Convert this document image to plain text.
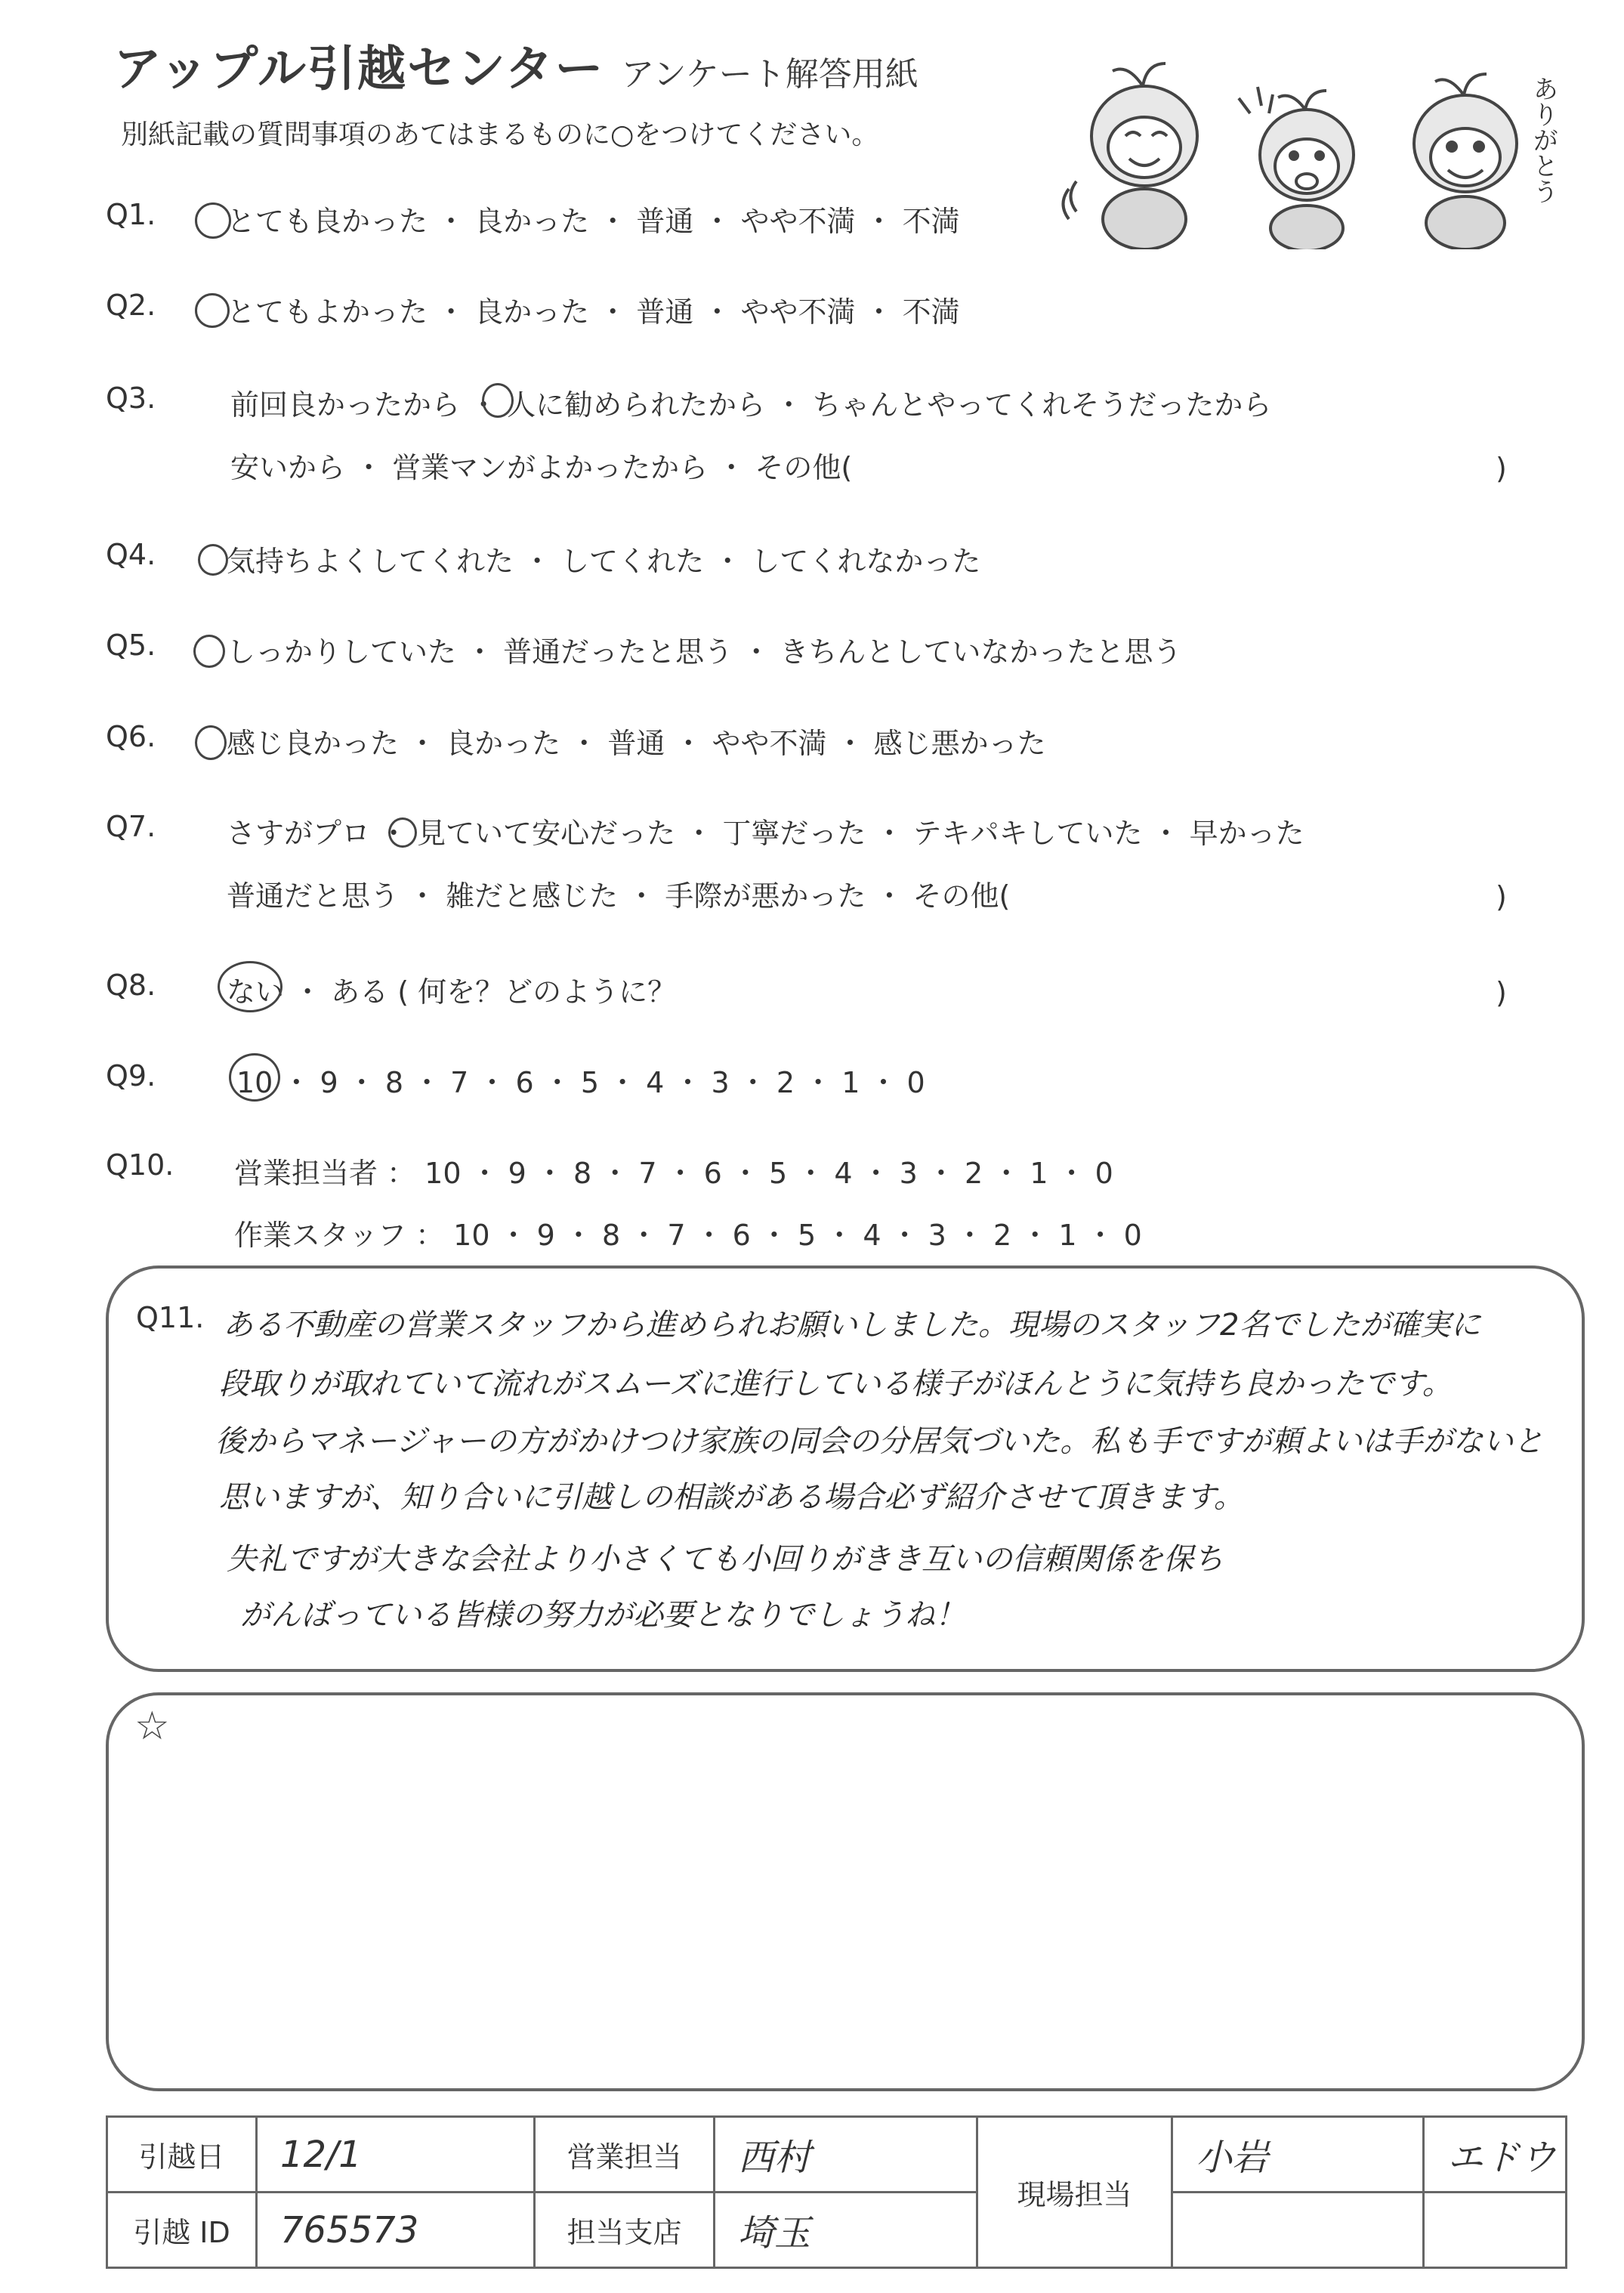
アップル引越センター アンケート解答用紙
別紙記載の質問事項のあてはまるものに○をつけてください。	ありがとう
Q1. とても良かった ・ 良かった ・ 普通 ・ やや不満 ・ 不満
Q2. とてもよかった ・ 良かった ・ 普通 ・ やや不満 ・ 不満
Q3.	前回良かったから ・ 人に勧められたから ・ ちゃんとやってくれそうだったから
安いから ・ 営業マンがよかったから ・ その他(	)
Q4. 気持ちよくしてくれた ・ してくれた ・ してくれなかった
Q5. しっかりしていた ・ 普通だったと思う ・ きちんとしていなかったと思う
Q6. 感じ良かった ・ 良かった ・ 普通 ・ やや不満 ・ 感じ悪かった
Q7. さすがプロ ・ 見ていて安心だった ・ 丁寧だった ・ テキパキしていた ・ 早かった
普通だと思う ・ 雑だと感じた ・ 手際が悪かった ・ その他(	)
Q8. ない ・ ある ( 何を？どのように？	)
Q9.	10 ・ 9 ・ 8 ・ 7 ・ 6 ・ 5 ・ 4 ・ 3 ・ 2 ・ 1 ・ 0
Q10. 営業担当者 ： 10 ・ 9 ・ 8 ・ 7 ・ 6 ・ 5 ・ 4 ・ 3 ・ 2 ・ 1 ・ 0
作業スタッフ ： 10 ・ 9 ・ 8 ・ 7 ・ 6 ・ 5 ・ 4 ・ 3 ・ 2 ・ 1 ・ 0
Q11. ある不動産の営業スタッフから進められお願いしました。現場のスタッフ2名でしたが確実に
段取りが取れていて流れがスムーズに進行している様子がほんとうに気持ち良かったです。
後からマネージャーの方がかけつけ家族の同会の分居気づいた。私も手ですが頼よいは手がないと
思いますが、知り合いに引越しの相談がある場合必ず紹介させて頂きます。
失礼ですが大きな会社より小さくても小回りがきき互いの信頼関係を保ち
がんばっている皆様の努力が必要となりでしょうね！
☆
引越日	12/1	営業担当	西村	現場担当	小岩	エドウ
引越 ID	765573	担当支店	埼玉			
